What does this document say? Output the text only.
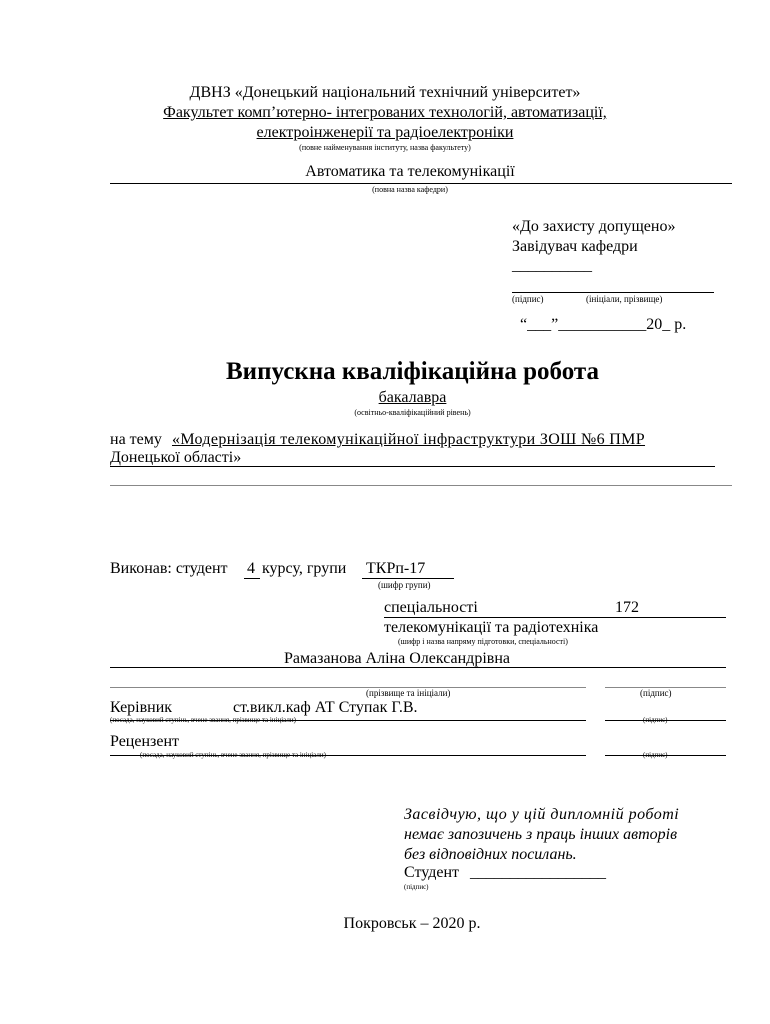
ДВНЗ «Донецький національний технічний університет»
Факультет комп’ютерно- інтегрованих технологій, автоматизації,
електроінженерії та радіоелектроніки
(повне найменування інституту, назва факультету)
Автоматика та телекомунікації
(повна назва кафедри)
«До захисту допущено»
Завідувач кафедри
__________
(підпис)	(ініціали, прізвище)
“___”___________20_ р.
Випускна кваліфікаційна робота
бакалавра
(освітньо-кваліфікаційний рівень)
на тему «Модернізація телекомунікаційної інфраструктури ЗОШ №6 ПМР
Донецької області»
Виконав: студент 4 курсу, групи ТКРп-17
(шифр групи)
спеціальності	172
телекомунікації та радіотехніка
(шифр і назва напряму підготовки, спеціальності)
Рамазанова Аліна Олександрівна
(прізвище та ініціали)	(підпис)
Керівник	ст.викл.каф АТ Ступак Г.В.
(посада, науковий ступінь, вчене звання, прізвище та ініціали)	(підпис)
Рецензент
(посада, науковий ступінь, вчене звання, прізвище та ініціали)	(підпис)
Засвідчую, що у цій дипломній роботі
немає запозичень з праць інших авторів
без відповідних посилань.
Студент _________________
(підпис)
Покровськ – 2020 р.
